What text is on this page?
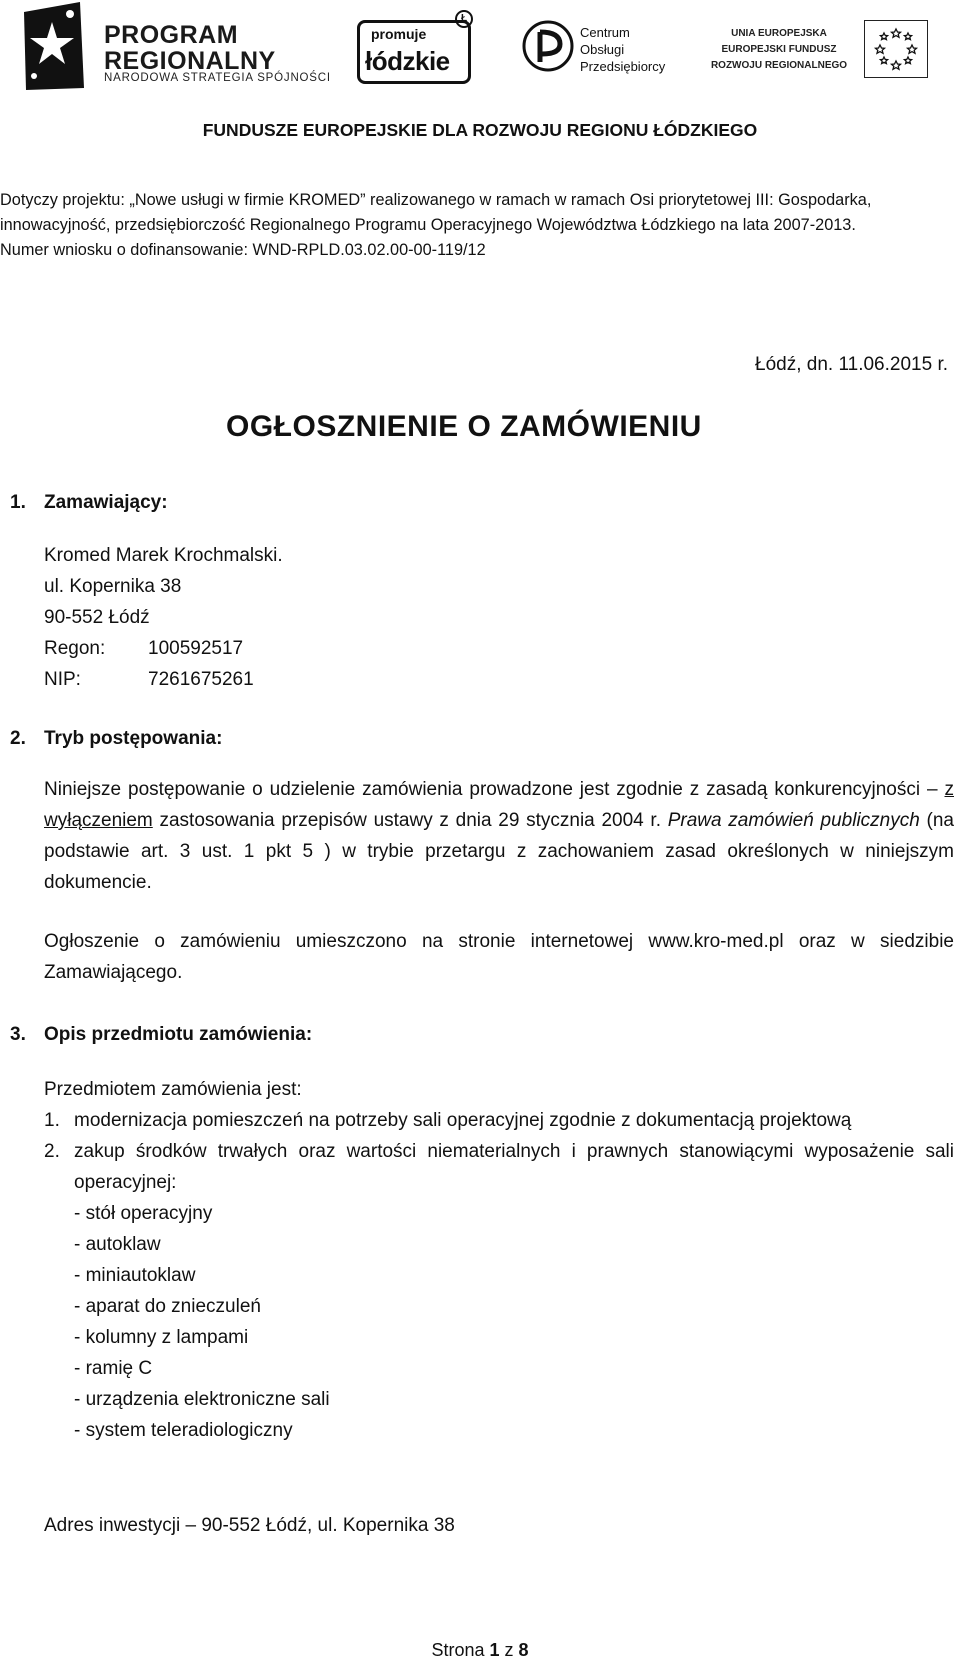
PROGRAM
REGIONALNY
NARODOWA STRATEGIA SPÓJNOŚCI
promuje
łódzkie
Ł
Centrum
Obsługi
Przedsiębiorcy
UNIA EUROPEJSKA
EUROPEJSKI FUNDUSZ
ROZWOJU REGIONALNEGO
FUNDUSZE EUROPEJSKIE DLA ROZWOJU REGIONU ŁÓDZKIEGO
Dotyczy projektu: „Nowe usługi w firmie KROMED” realizowanego w ramach w ramach Osi priorytetowej III: Gospodarka, innowacyjność, przedsiębiorczość Regionalnego Programu Operacyjnego Województwa Łódzkiego na lata 2007-2013.
Numer wniosku o dofinansowanie: WND-RPLD.03.02.00-00-119/12
Łódź, dn. 11.06.2015 r.
OGŁOSZNIENIE O ZAMÓWIENIU
1. Zamawiający:
Kromed Marek Krochmalski.
ul. Kopernika 38
90-552 Łódź
Regon: 100592517
NIP:	7261675261
2. Tryb postępowania:
Niniejsze postępowanie o udzielenie zamówienia prowadzone jest zgodnie z zasadą konkurencyjności – z wyłączeniem zastosowania przepisów ustawy z dnia 29 stycznia 2004 r. Prawa zamówień publicznych (na podstawie art. 3 ust. 1 pkt 5 ) w trybie przetargu z zachowaniem zasad określonych w niniejszym dokumencie.
Ogłoszenie o zamówieniu umieszczono na stronie internetowej www.kro-med.pl oraz w siedzibie Zamawiającego.
3. Opis przedmiotu zamówienia:
Przedmiotem zamówienia jest:
1. modernizacja pomieszczeń na potrzeby sali operacyjnej zgodnie z dokumentacją projektową
2. zakup środków trwałych oraz wartości niematerialnych i prawnych stanowiącymi wyposażenie sali operacyjnej:
- stół operacyjny
- autoklaw
- miniautoklaw
- aparat do znieczuleń
- kolumny z lampami
- ramię C
- urządzenia elektroniczne sali
- system teleradiologiczny
Adres inwestycji – 90-552 Łódź, ul. Kopernika 38
Strona 1 z 8
